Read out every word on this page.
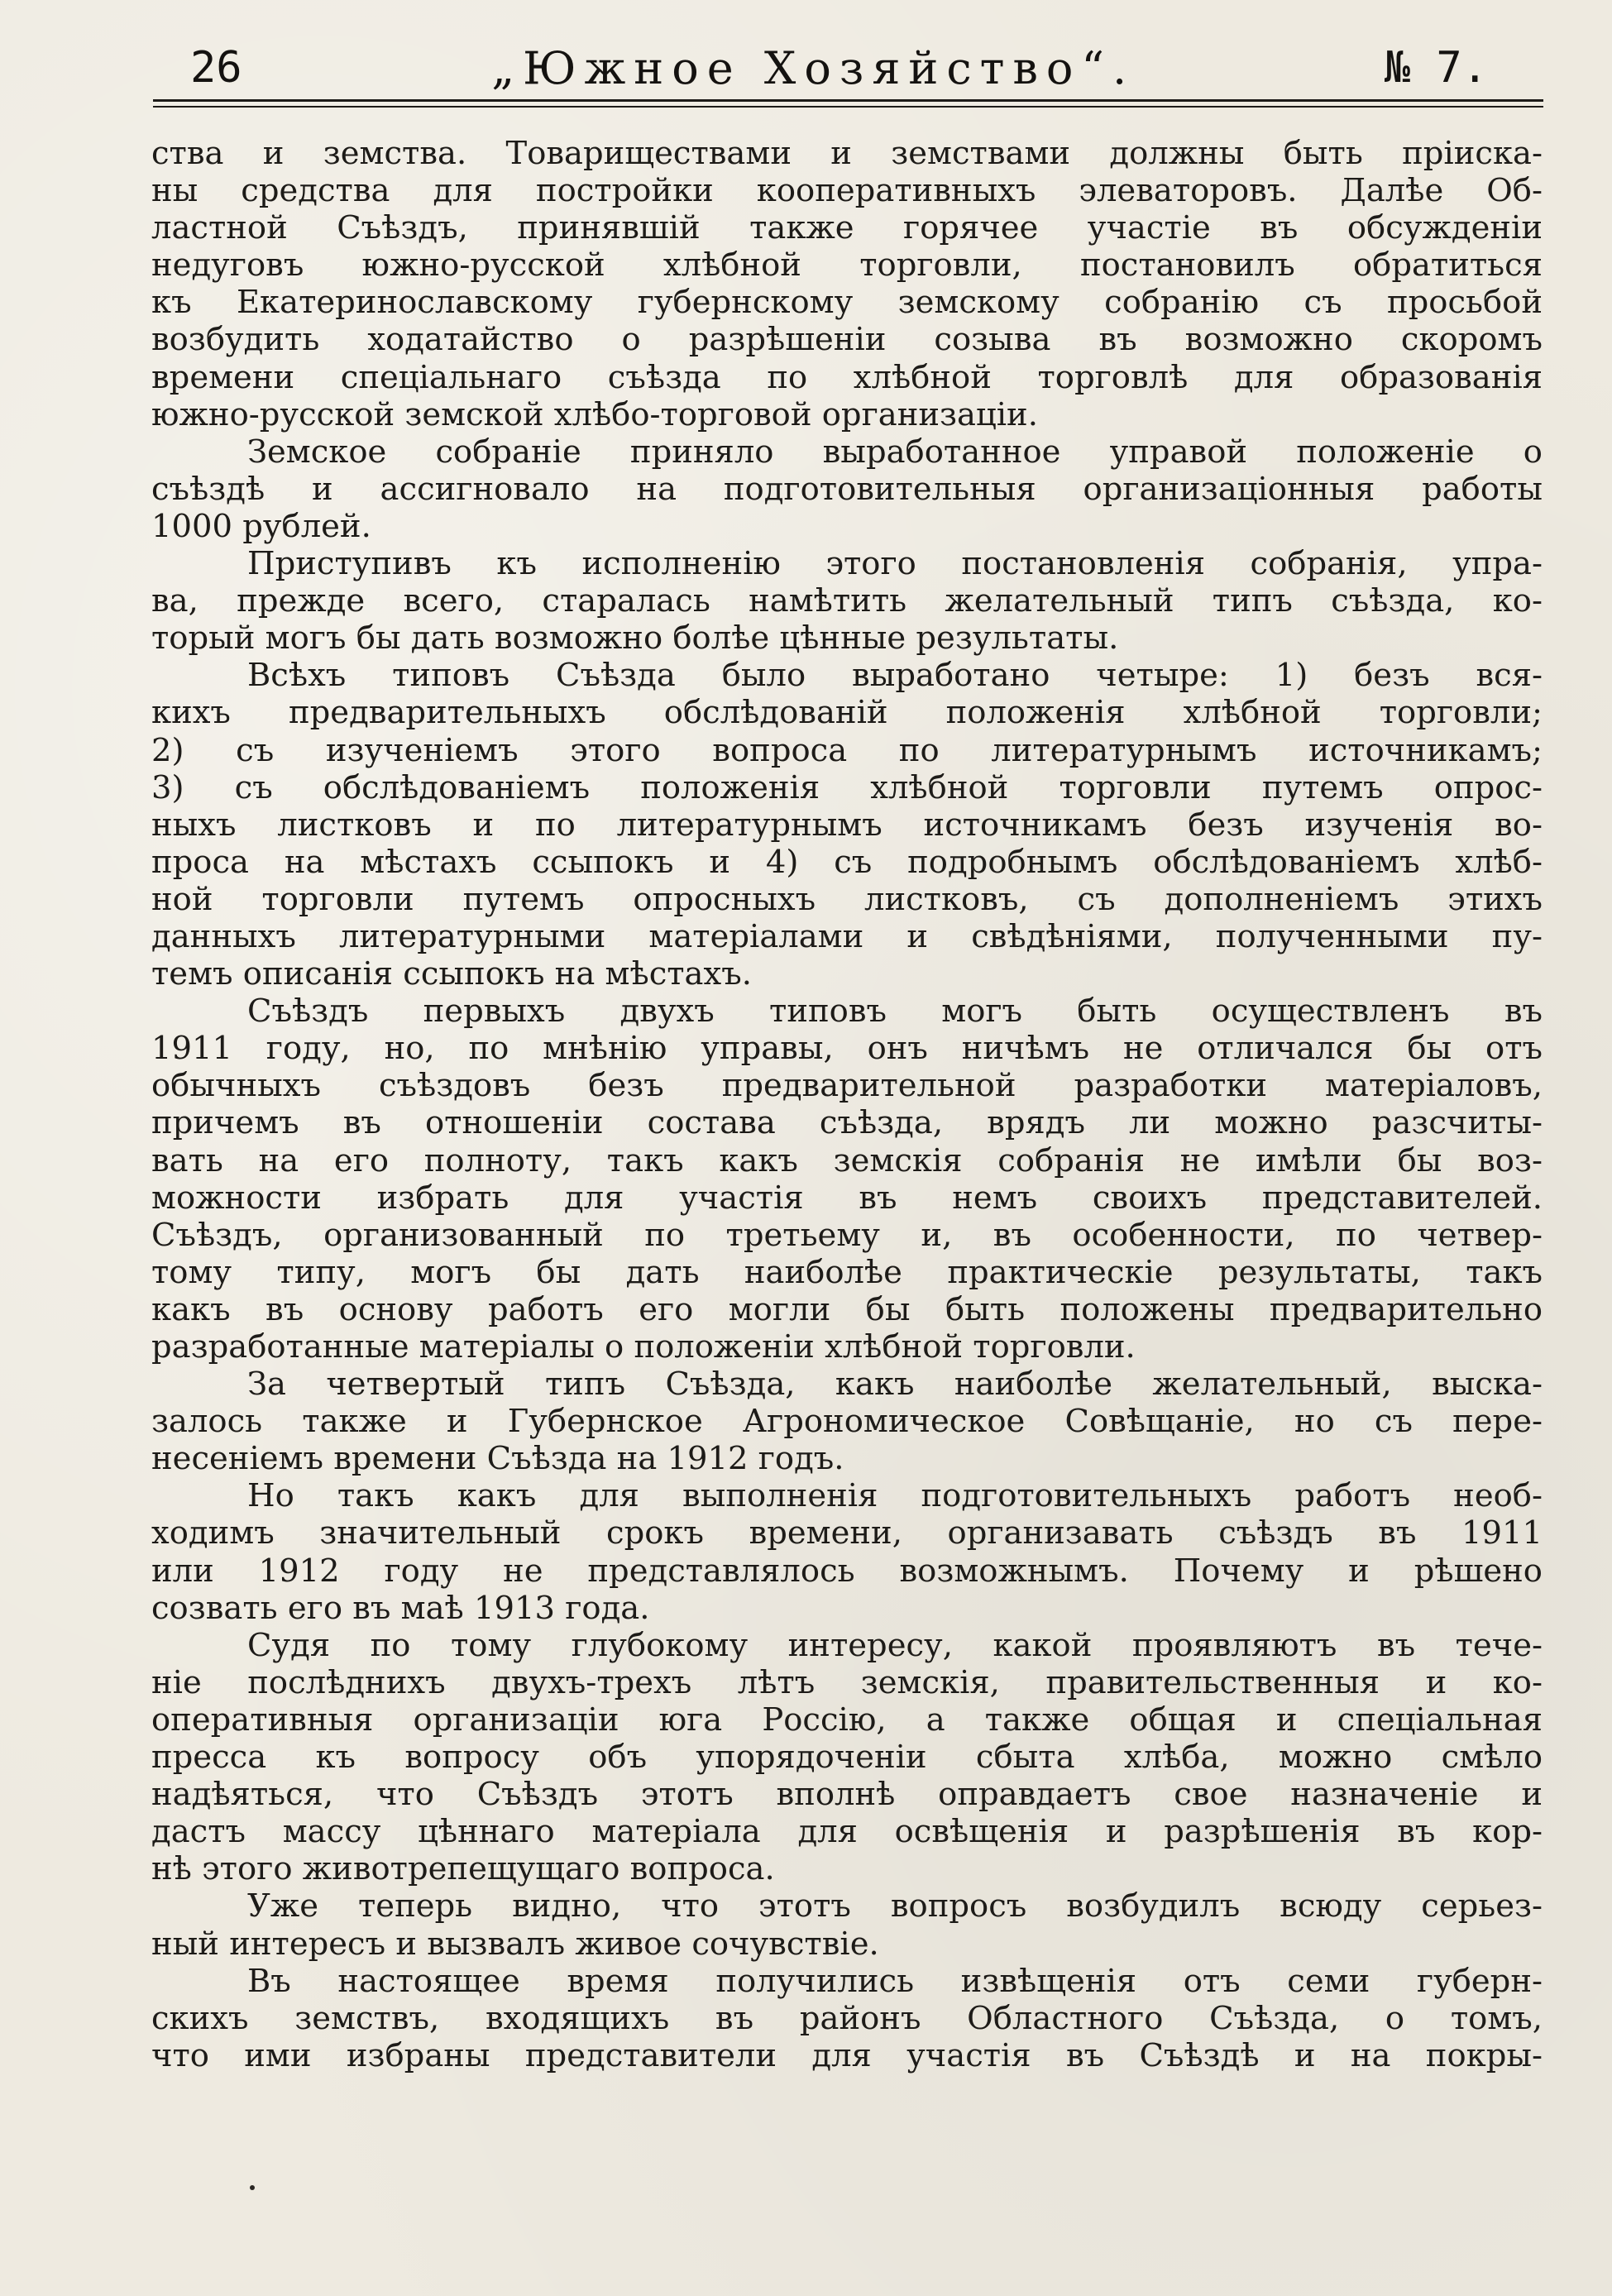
26	„Южное Хозяйство“.	№ 7.
ства и земства. Товариществами и земствами должны быть пріиска-
ны средства для постройки кооперативныхъ элеваторовъ. Далѣе Об-
ластной Съѣздъ, принявшій также горячее участіе въ обсужденіи
недуговъ южно-русской хлѣбной торговли, постановилъ обратиться
къ Екатеринославскому губернскому земскому собранію съ просьбой
возбудить ходатайство о разрѣшеніи созыва въ возможно скоромъ
времени спеціальнаго съѣзда по хлѣбной торговлѣ для образованія
южно-русской земской хлѣбо-торговой организаціи.
Земское собраніе приняло выработанное управой положеніе о
съѣздѣ и ассигновало на подготовительныя организаціонныя работы
1000 рублей.
Приступивъ къ исполненію этого постановленія собранія, упра-
ва, прежде всего, старалась намѣтить желательный типъ съѣзда, ко-
торый могъ бы дать возможно болѣе цѣнные результаты.
Всѣхъ типовъ Съѣзда было выработано четыре: 1) безъ вся-
кихъ предварительныхъ обслѣдованій положенія хлѣбной торговли;
2) съ изученіемъ этого вопроса по литературнымъ источникамъ;
3) съ обслѣдованіемъ положенія хлѣбной торговли путемъ опрос-
ныхъ листковъ и по литературнымъ источникамъ безъ изученія во-
проса на мѣстахъ ссыпокъ и 4) съ подробнымъ обслѣдованіемъ хлѣб-
ной торговли путемъ опросныхъ листковъ, съ дополненіемъ этихъ
данныхъ литературными матеріалами и свѣдѣніями, полученными пу-
темъ описанія ссыпокъ на мѣстахъ.
Съѣздъ первыхъ двухъ типовъ могъ быть осуществленъ въ
1911 году, но, по мнѣнію управы, онъ ничѣмъ не отличался бы отъ
обычныхъ съѣздовъ безъ предварительной разработки матеріаловъ,
причемъ въ отношеніи состава съѣзда, врядъ ли можно разсчиты-
вать на его полноту, такъ какъ земскія собранія не имѣли бы воз-
можности избрать для участія въ немъ своихъ представителей.
Съѣздъ, организованный по третьему и, въ особенности, по четвер-
тому типу, могъ бы дать наиболѣе практическіе результаты, такъ
какъ въ основу работъ его могли бы быть положены предварительно
разработанные матеріалы о положеніи хлѣбной торговли.
За четвертый типъ Съѣзда, какъ наиболѣе желательный, выска-
залось также и Губернское Агрономическое Совѣщаніе, но съ пере-
несеніемъ времени Съѣзда на 1912 годъ.
Но такъ какъ для выполненія подготовительныхъ работъ необ-
ходимъ значительный срокъ времени, организавать съѣздъ въ 1911
или 1912 году не представлялось возможнымъ. Почему и рѣшено
созвать его въ маѣ 1913 года.
Судя по тому глубокому интересу, какой проявляютъ въ тече-
ніе послѣднихъ двухъ-трехъ лѣтъ земскія, правительственныя и ко-
оперативныя организаціи юга Россію, а также общая и спеціальная
пресса къ вопросу объ упорядоченіи сбыта хлѣба, можно смѣло
надѣяться, что Съѣздъ этотъ вполнѣ оправдаетъ свое назначеніе и
дастъ массу цѣннаго матеріала для освѣщенія и разрѣшенія въ кор-
нѣ этого животрепещущаго вопроса.
Уже теперь видно, что этотъ вопросъ возбудилъ всюду серьез-
ный интересъ и вызвалъ живое сочувствіе.
Въ настоящее время получились извѣщенія отъ семи губерн-
скихъ земствъ, входящихъ въ районъ Областного Съѣзда, о томъ,
что ими избраны представители для участія въ Съѣздѣ и на покры-
